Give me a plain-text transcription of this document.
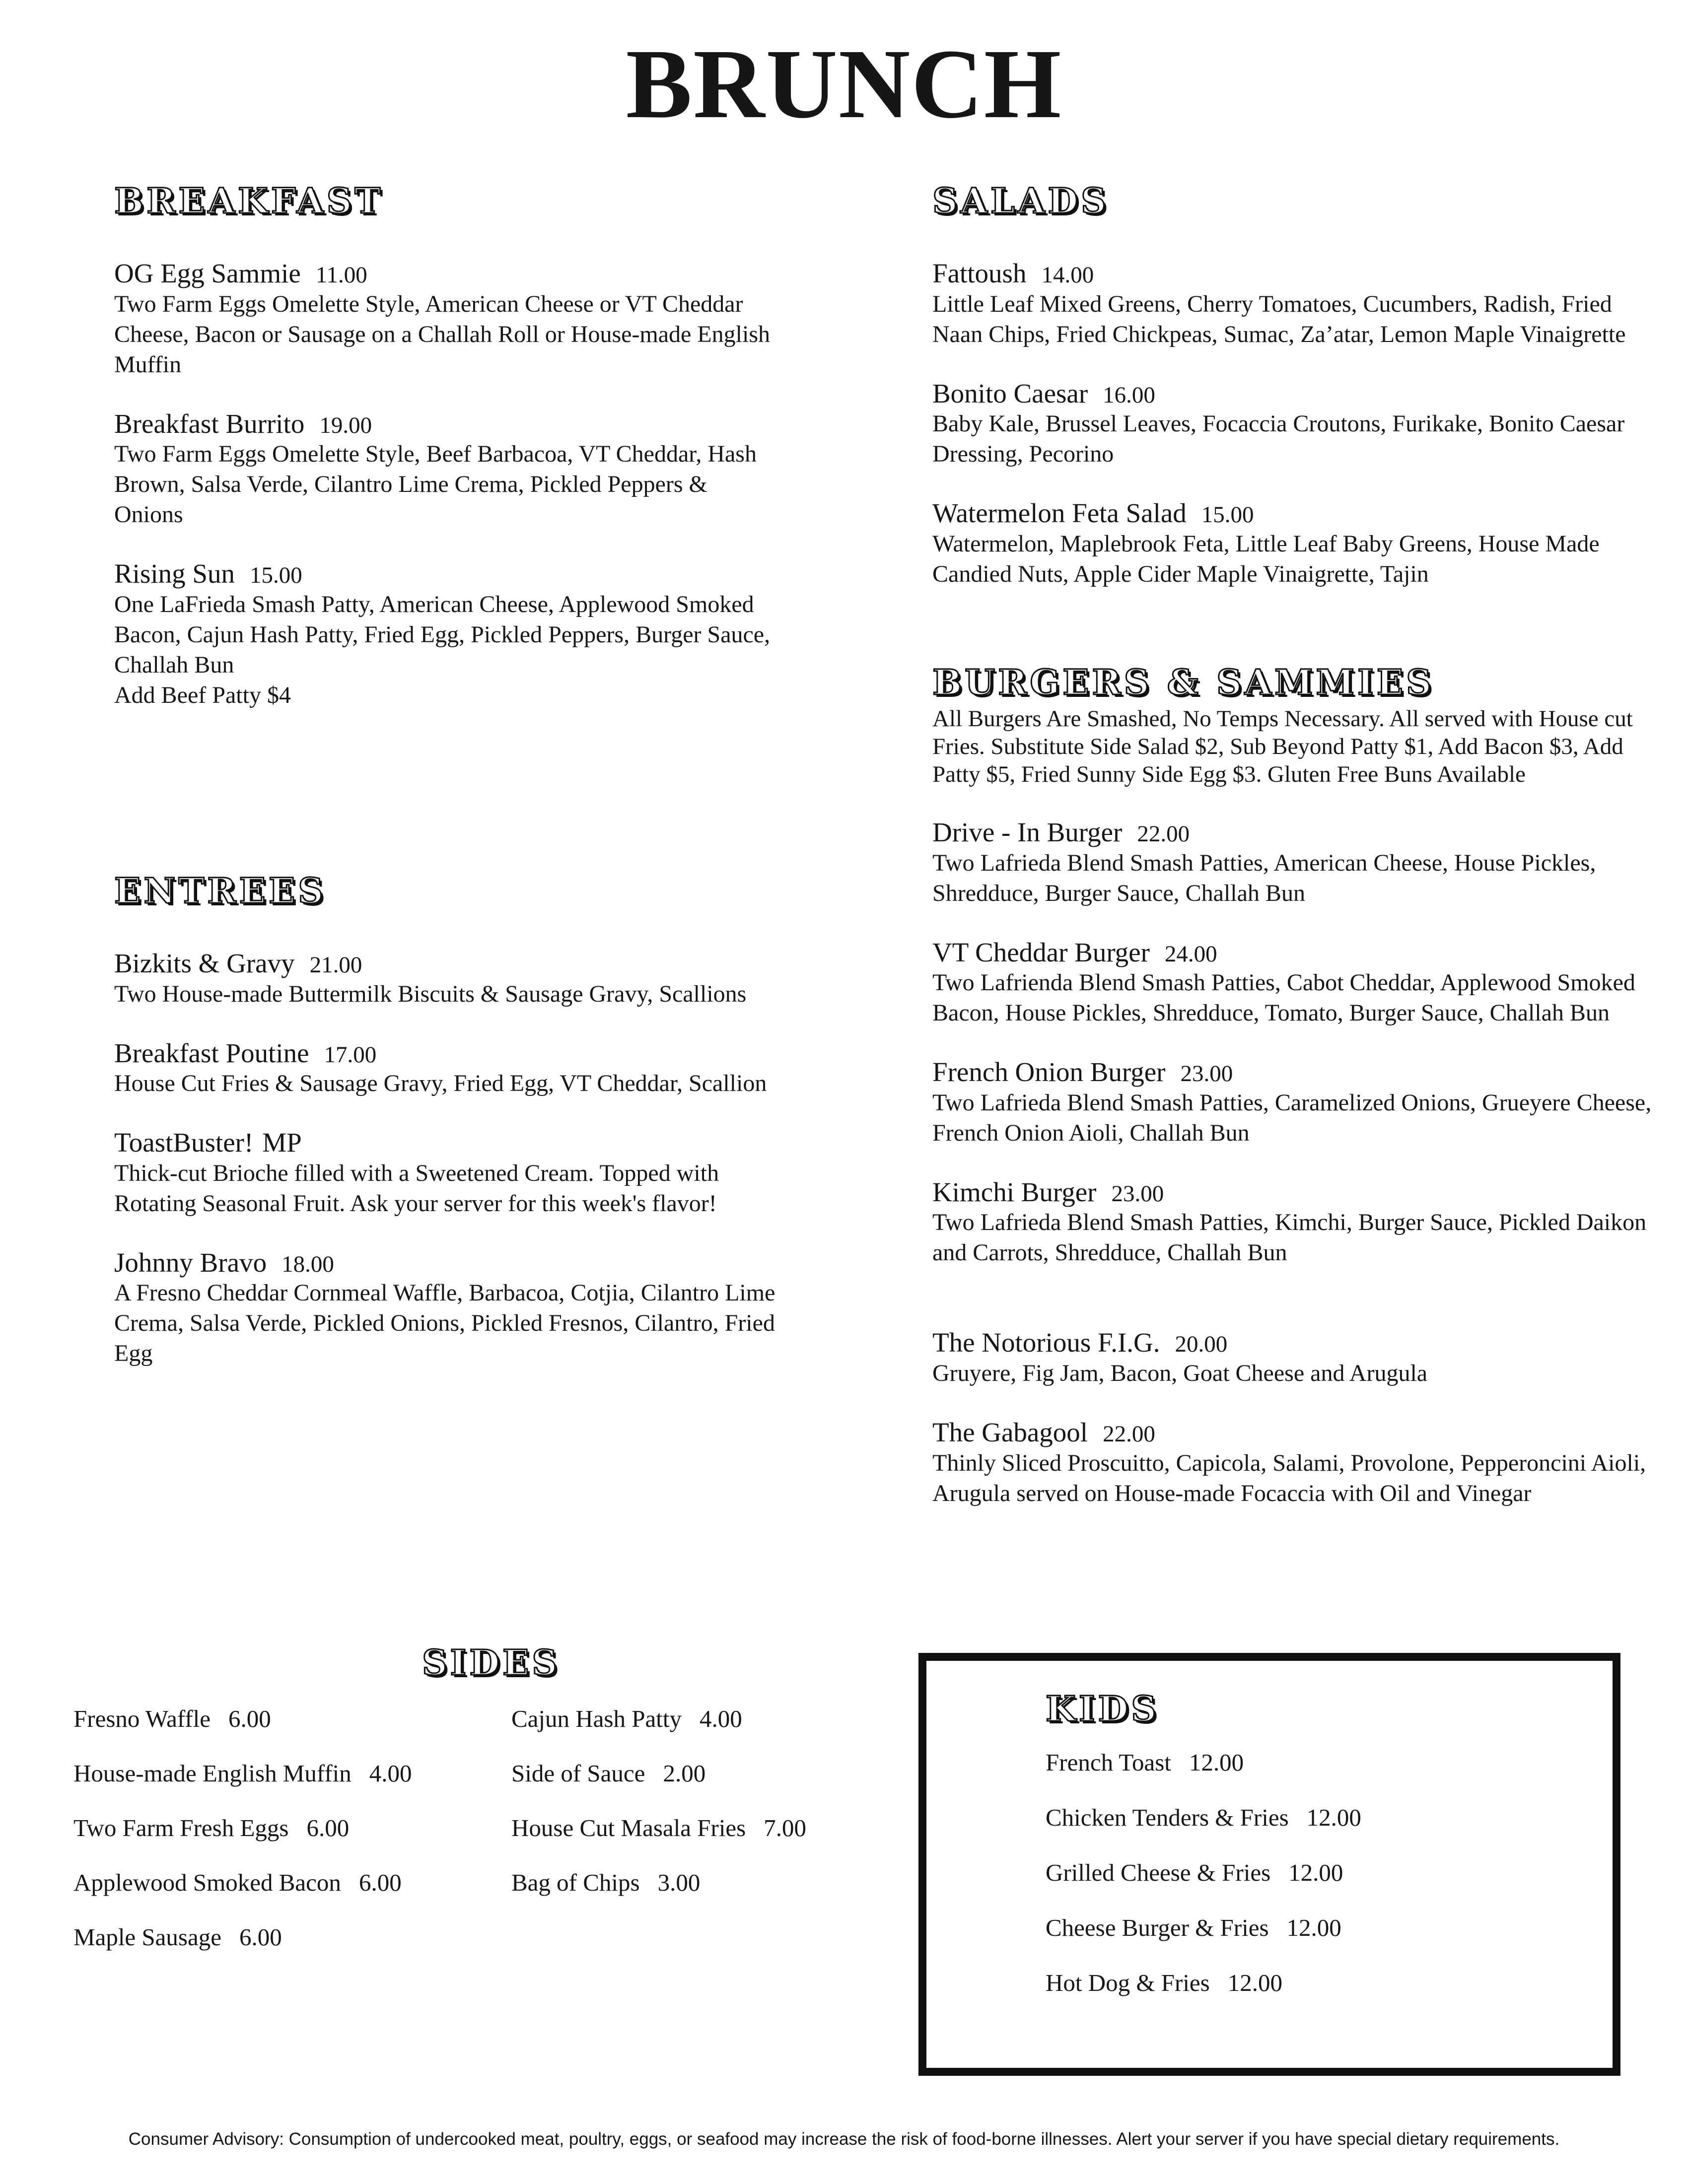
BRUNCH
BREAKFAST
OG Egg Sammie 11.00
Two Farm Eggs Omelette Style, American Cheese or VT Cheddar Cheese, Bacon or Sausage on a Challah Roll or House-made English Muffin
Breakfast Burrito 19.00
Two Farm Eggs Omelette Style, Beef Barbacoa, VT Cheddar, Hash Brown, Salsa Verde, Cilantro Lime Crema, Pickled Peppers & Onions
Rising Sun 15.00
One LaFrieda Smash Patty, American Cheese, Applewood Smoked Bacon, Cajun Hash Patty, Fried Egg, Pickled Peppers, Burger Sauce, Challah Bun
Add Beef Patty $4
ENTREES
Bizkits & Gravy 21.00
Two House-made Buttermilk Biscuits & Sausage Gravy, Scallions
Breakfast Poutine 17.00
House Cut Fries & Sausage Gravy, Fried Egg, VT Cheddar, Scallion
ToastBuster! MP
Thick-cut Brioche filled with a Sweetened Cream. Topped with Rotating Seasonal Fruit. Ask your server for this week's flavor!
Johnny Bravo 18.00
A Fresno Cheddar Cornmeal Waffle, Barbacoa, Cotjia, Cilantro Lime Crema, Salsa Verde, Pickled Onions, Pickled Fresnos, Cilantro, Fried Egg
SALADS
Fattoush 14.00
Little Leaf Mixed Greens, Cherry Tomatoes, Cucumbers, Radish, Fried Naan Chips, Fried Chickpeas, Sumac, Za’atar, Lemon Maple Vinaigrette
Bonito Caesar 16.00
Baby Kale, Brussel Leaves, Focaccia Croutons, Furikake, Bonito Caesar Dressing, Pecorino
Watermelon Feta Salad 15.00
Watermelon, Maplebrook Feta, Little Leaf Baby Greens, House Made Candied Nuts, Apple Cider Maple Vinaigrette, Tajin
BURGERS & SAMMIES
All Burgers Are Smashed, No Temps Necessary. All served with House cut Fries. Substitute Side Salad $2, Sub Beyond Patty $1, Add Bacon $3, Add Patty $5, Fried Sunny Side Egg $3. Gluten Free Buns Available
Drive - In Burger 22.00
Two Lafrieda Blend Smash Patties, American Cheese, House Pickles, Shredduce, Burger Sauce, Challah Bun
VT Cheddar Burger 24.00
Two Lafrienda Blend Smash Patties, Cabot Cheddar, Applewood Smoked Bacon, House Pickles, Shredduce, Tomato, Burger Sauce, Challah Bun
French Onion Burger 23.00
Two Lafrieda Blend Smash Patties, Caramelized Onions, Grueyere Cheese, French Onion Aioli, Challah Bun
Kimchi Burger 23.00
Two Lafrieda Blend Smash Patties, Kimchi, Burger Sauce, Pickled Daikon and Carrots, Shredduce, Challah Bun
The Notorious F.I.G. 20.00
Gruyere, Fig Jam, Bacon, Goat Cheese and Arugula
The Gabagool 22.00
Thinly Sliced Proscuitto, Capicola, Salami, Provolone, Pepperoncini Aioli, Arugula served on House-made Focaccia with Oil and Vinegar
SIDES
Fresno Waffle 6.00
House-made English Muffin 4.00
Two Farm Fresh Eggs 6.00
Applewood Smoked Bacon 6.00
Maple Sausage 6.00
Cajun Hash Patty 4.00
Side of Sauce 2.00
House Cut Masala Fries 7.00
Bag of Chips 3.00
KIDS
French Toast 12.00
Chicken Tenders & Fries 12.00
Grilled Cheese & Fries 12.00
Cheese Burger & Fries 12.00
Hot Dog & Fries 12.00
Consumer Advisory: Consumption of undercooked meat, poultry, eggs, or seafood may increase the risk of food-borne illnesses. Alert your server if you have special dietary requirements.
